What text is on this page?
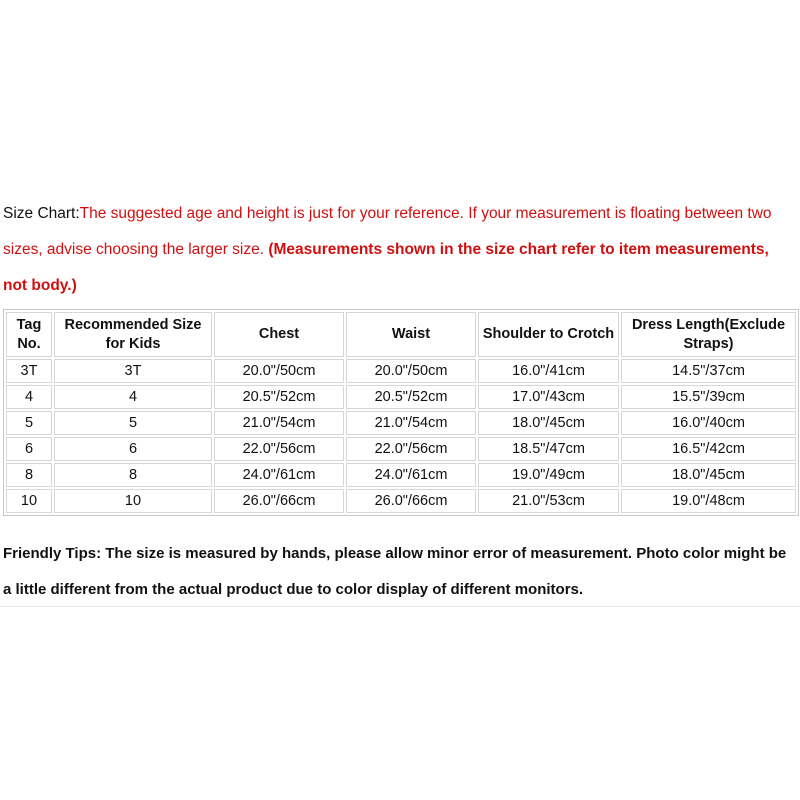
Size Chart:The suggested age and height is just for your reference. If your measurement is floating between two sizes, advise choosing the larger size. (Measurements shown in the size chart refer to item measurements, not body.)

Tag No.	Recommended Size for Kids	Chest	Waist	Shoulder to Crotch	Dress Length(Exclude Straps)
3T	3T	20.0"/50cm	20.0"/50cm	16.0"/41cm	14.5"/37cm
4	4	20.5"/52cm	20.5"/52cm	17.0"/43cm	15.5"/39cm
5	5	21.0"/54cm	21.0"/54cm	18.0"/45cm	16.0"/40cm
6	6	22.0"/56cm	22.0"/56cm	18.5"/47cm	16.5"/42cm
8	8	24.0"/61cm	24.0"/61cm	19.0"/49cm	18.0"/45cm
10	10	26.0"/66cm	26.0"/66cm	21.0"/53cm	19.0"/48cm

Friendly Tips: The size is measured by hands, please allow minor error of measurement. Photo color might be a little different from the actual product due to color display of different monitors.
